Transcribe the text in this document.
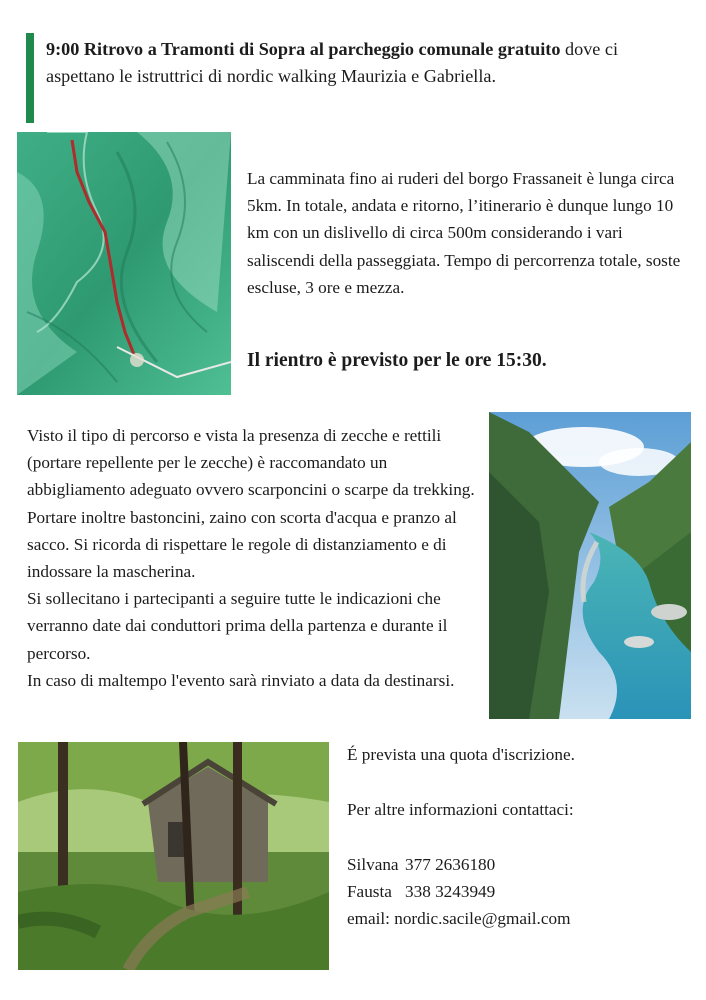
9:00 Ritrovo a Tramonti di Sopra al parcheggio comunale gratuito dove ci aspettano le istruttrici di nordic walking Maurizia e Gabriella.
La camminata fino ai ruderi del borgo Frassaneit è lunga circa 5km. In totale, andata e ritorno, l’itinerario è dunque lungo 10 km con un dislivello di circa 500m considerando i vari saliscendi della passeggiata. Tempo di percorrenza totale, soste escluse, 3 ore e mezza.
Il rientro è previsto per le ore 15:30.
Visto il tipo di percorso e vista la presenza di zecche e rettili (portare repellente per le zecche) è raccomandato un abbigliamento adeguato ovvero scarponcini o scarpe da trekking. Portare inoltre bastoncini, zaino con scorta d'acqua e pranzo al sacco. Si ricorda di rispettare le regole di distanziamento e di indossare la mascherina.
Si sollecitano i partecipanti a seguire tutte le indicazioni che verranno date dai conduttori prima della partenza e durante il percorso.
In caso di maltempo l'evento sarà rinviato a data da destinarsi.
É prevista una quota d'iscrizione.
Per altre informazioni contattaci:
Silvana 377 2636180
Fausta 338 3243949
email: nordic.sacile@gmail.com
